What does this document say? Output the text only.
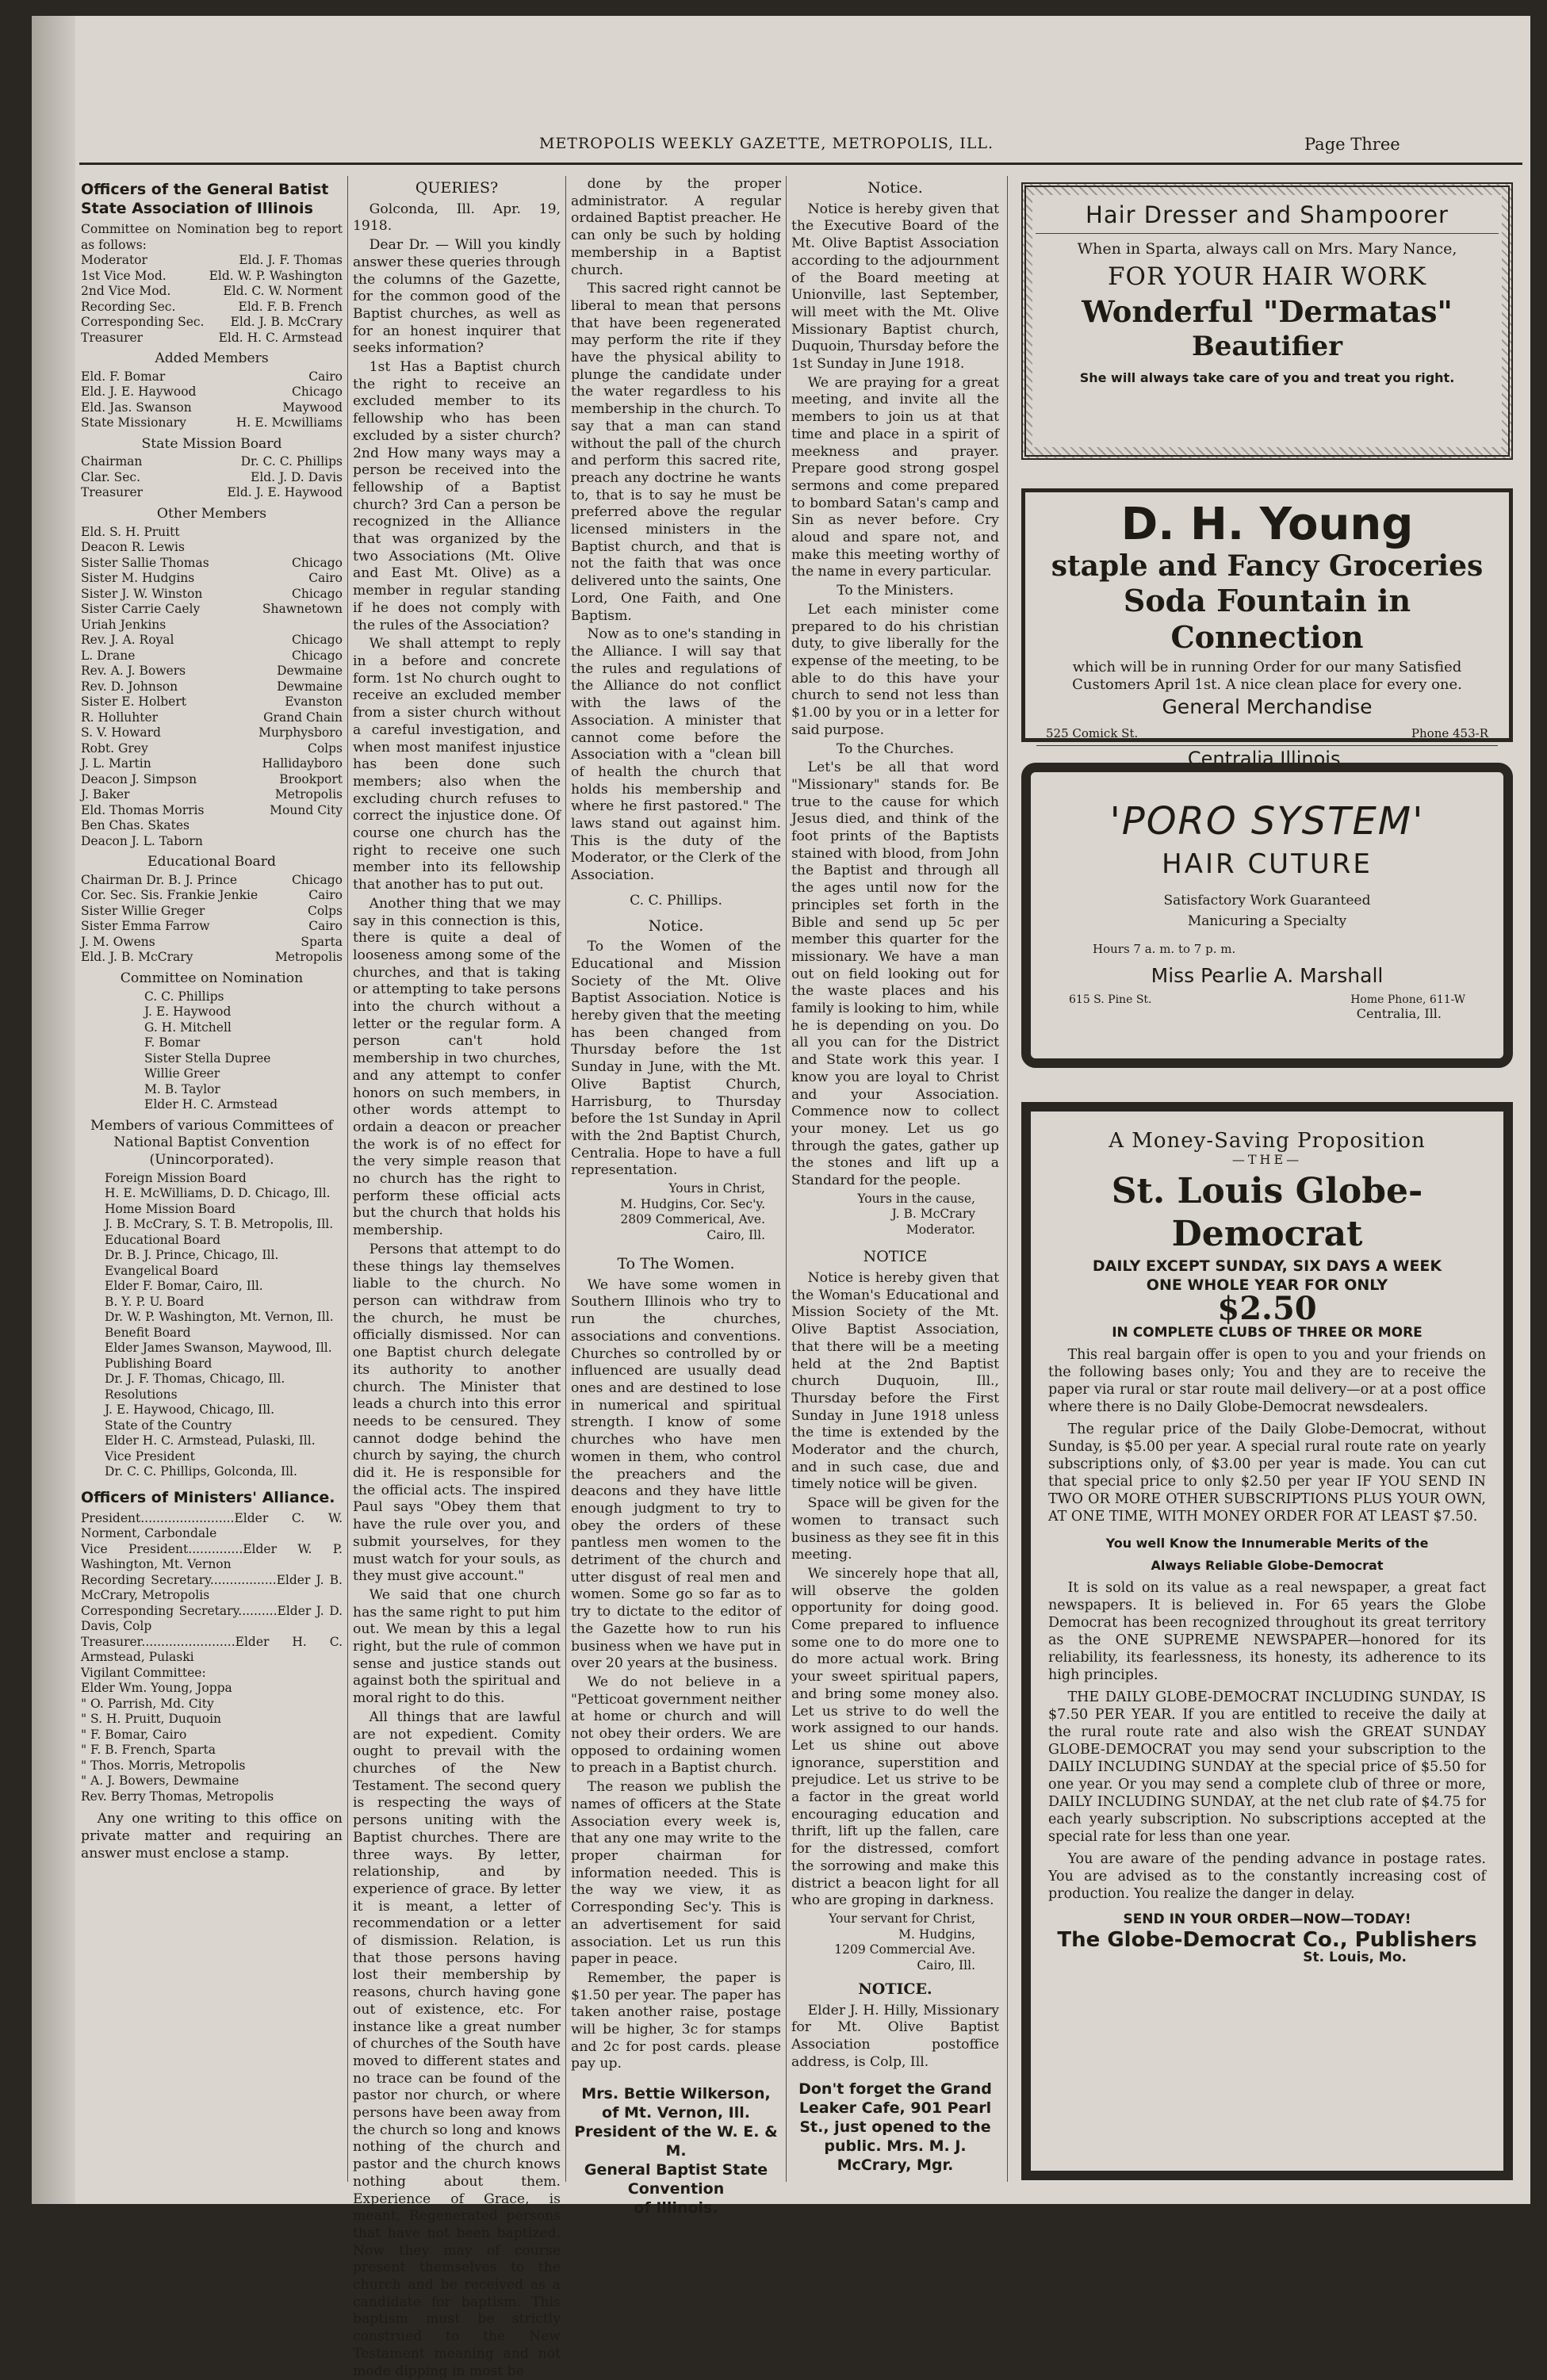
METROPOLIS WEEKLY GAZETTE, METROPOLIS, ILL.	Page Three
Officers of the General Batist State Association of Illinois
Committee on Nomination beg to report as follows:
Moderator	Eld. J. F. Thomas
1st Vice Mod.	Eld. W. P. Washington
2nd Vice Mod.	Eld. C. W. Norment
Recording Sec.	Eld. F. B. French
Corresponding Sec. Eld. J. B. McCrary
Treasurer	Eld. H. C. Armstead
Added Members
Eld. F. Bomar	Cairo
Eld. J. E. Haywood	Chicago
Eld. Jas. Swanson	Maywood
State Missionary	H. E. Mcwilliams
State Mission Board
Chairman	Dr. C. C. Phillips
Clar. Sec.	Eld. J. D. Davis
Treasurer	Eld. J. E. Haywood
Other Members
Eld. S. H. Pruitt
Deacon R. Lewis
Sister Sallie Thomas	Chicago
Sister M. Hudgins	Cairo
Sister J. W. Winston	Chicago
Sister Carrie Caely	Shawnetown
Uriah Jenkins
Rev. J. A. Royal	Chicago
L. Drane	Chicago
Rev. A. J. Bowers	Dewmaine
Rev. D. Johnson	Dewmaine
Sister E. Holbert	Evanston
R. Holluhter	Grand Chain
S. V. Howard	Murphysboro
Robt. Grey	Colps
J. L. Martin	Hallidayboro
Deacon J. Simpson	Brookport
J. Baker	Metropolis
Eld. Thomas Morris	Mound City
Ben Chas. Skates
Deacon J. L. Taborn
Educational Board
Chairman Dr. B. J. Prince	Chicago
Cor. Sec. Sis. Frankie Jenkie	Cairo
Sister Willie Greger	Colps
Sister Emma Farrow	Cairo
J. M. Owens	Sparta
Eld. J. B. McCrary	Metropolis
Committee on Nomination
C. C. Phillips
J. E. Haywood
G. H. Mitchell
F. Bomar
Sister Stella Dupree
Willie Greer
M. B. Taylor
Elder H. C. Armstead
Members of various Committees of National Baptist Convention (Unincorporated).
Foreign Mission Board
H. E. McWilliams, D. D. Chicago, Ill.
Home Mission Board
J. B. McCrary, S. T. B. Metropolis, Ill.
Educational Board
Dr. B. J. Prince, Chicago, Ill.
Evangelical Board
Elder F. Bomar, Cairo, Ill.
B. Y. P. U. Board
Dr. W. P. Washington, Mt. Vernon, Ill.
Benefit Board
Elder James Swanson, Maywood, Ill.
Publishing Board
Dr. J. F. Thomas, Chicago, Ill.
Resolutions
J. E. Haywood, Chicago, Ill.
State of the Country
Elder H. C. Armstead, Pulaski, Ill.
Vice President
Dr. C. C. Phillips, Golconda, Ill.
Officers of Ministers' Alliance.
President........................Elder C. W. Norment, Carbondale
Vice President..............Elder W. P. Washington, Mt. Vernon
Recording Secretary.................Elder J. B. McCrary, Metropolis
Corresponding Secretary..........Elder J. D. Davis, Colp
Treasurer........................Elder H. C. Armstead, Pulaski
Vigilant Committee:
Elder Wm. Young, Joppa
" O. Parrish, Md. City
" S. H. Pruitt, Duquoin
" F. Bomar, Cairo
" F. B. French, Sparta
" Thos. Morris, Metropolis
" A. J. Bowers, Dewmaine
Rev. Berry Thomas, Metropolis

Any one writing to this office on private matter and requiring an answer must enclose a stamp.

QUERIES?

Golconda, Ill. Apr. 19, 1918.

Dear Dr. — Will you kindly answer these queries through the columns of the Gazette, for the common good of the Baptist churches, as well as for an honest inquirer that seeks information?

1st Has a Baptist church the right to receive an excluded member to its fellowship who has been excluded by a sister church? 2nd How many ways may a person be received into the fellowship of a Baptist church? 3rd Can a person be recognized in the Alliance that was organized by the two Associations (Mt. Olive and East Mt. Olive) as a member in regular standing if he does not comply with the rules of the Association?

We shall attempt to reply in a before and concrete form. 1st No church ought to receive an excluded member from a sister church without a careful investigation, and when most manifest injustice has been done such members; also when the excluding church refuses to correct the injustice done. Of course one church has the right to receive one such member into its fellowship that another has to put out.

Another thing that we may say in this connection is this, there is quite a deal of looseness among some of the churches, and that is taking or attempting to take persons into the church without a letter or the regular form. A person can't hold membership in two churches, and any attempt to confer honors on such members, in other words attempt to ordain a deacon or preacher the work is of no effect for the very simple reason that no church has the right to perform these official acts but the church that holds his membership.

Persons that attempt to do these things lay themselves liable to the church. No person can withdraw from the church, he must be officially dismissed. Nor can one Baptist church delegate its authority to another church. The Minister that leads a church into this error needs to be censured. They cannot dodge behind the church by saying, the church did it. He is responsible for the official acts. The inspired Paul says "Obey them that have the rule over you, and submit yourselves, for they must watch for your souls, as they must give account."

We said that one church has the same right to put him out. We mean by this a legal right, but the rule of common sense and justice stands out against both the spiritual and moral right to do this.

All things that are lawful are not expedient. Comity ought to prevail with the churches of the New Testament. The second query is respecting the ways of persons uniting with the Baptist churches. There are three ways. By letter, relationship, and by experience of grace. By letter it is meant, a letter of recommendation or a letter of dismission. Relation, is that those persons having lost their membership by reasons, church having gone out of existence, etc. For instance like a great number of churches of the South have moved to different states and no trace can be found of the pastor nor church, or where persons have been away from the church so long and knows nothing of the church and pastor and the church knows nothing about them. Experience of Grace, is meant, Regenerated persons that have not been baptized. Now they may of course present themselves to the church and be received as a candidate for baptism. This baptism must be strictly construed to the New Testament meaning and not mode dipping in most be

done by the proper administrator. A regular ordained Baptist preacher. He can only be such by holding membership in a Baptist church.

This sacred right cannot be liberal to mean that persons that have been regenerated may perform the rite if they have the physical ability to plunge the candidate under the water regardless to his membership in the church. To say that a man can stand without the pall of the church and perform this sacred rite, preach any doctrine he wants to, that is to say he must be preferred above the regular licensed ministers in the Baptist church, and that is not the faith that was once delivered unto the saints, One Lord, One Faith, and One Baptism.

Now as to one's standing in the Alliance. I will say that the rules and regulations of the Alliance do not conflict with the laws of the Association. A minister that cannot come before the Association with a "clean bill of health the church that holds his membership and where he first pastored." The laws stand out against him. This is the duty of the Moderator, or the Clerk of the Association.

C. C. Phillips.

Notice.

To the Women of the Educational and Mission Society of the Mt. Olive Baptist Association. Notice is hereby given that the meeting has been changed from Thursday before the 1st Sunday in June, with the Mt. Olive Baptist Church, Harrisburg, to Thursday before the 1st Sunday in April with the 2nd Baptist Church, Centralia. Hope to have a full representation.

Yours in Christ,
M. Hudgins, Cor. Sec'y.
2809 Commerical, Ave.
Cairo, Ill.
To The Women.

We have some women in Southern Illinois who try to run the churches, associations and conventions. Churches so controlled by or influenced are usually dead ones and are destined to lose in numerical and spiritual strength. I know of some churches who have men women in them, who control the preachers and the deacons and they have little enough judgment to try to obey the orders of these pantless men women to the detriment of the church and utter disgust of real men and women. Some go so far as to try to dictate to the editor of the Gazette how to run his business when we have put in over 20 years at the business.

We do not believe in a "Petticoat government neither at home or church and will not obey their orders. We are opposed to ordaining women to preach in a Baptist church.

The reason we publish the names of officers at the State Association every week is, that any one may write to the proper chairman for information needed. This is the way we view, it as Corresponding Sec'y. This is an advertisement for said association. Let us run this paper in peace.

Remember, the paper is $1.50 per year. The paper has taken another raise, postage will be higher, 3c for stamps and 2c for post cards. please pay up.

Mrs. Bettie Wilkerson,
of Mt. Vernon, Ill.
President of the W. E. & M.
General Baptist State Convention
of Illinois.
Notice.

Notice is hereby given that the Executive Board of the Mt. Olive Baptist Association according to the adjournment of the Board meeting at Unionville, last September, will meet with the Mt. Olive Missionary Baptist church, Duquoin, Thursday before the 1st Sunday in June 1918.

We are praying for a great meeting, and invite all the members to join us at that time and place in a spirit of meekness and prayer. Prepare good strong gospel sermons and come prepared to bombard Satan's camp and Sin as never before. Cry aloud and spare not, and make this meeting worthy of the name in every particular.

To the Ministers.

Let each minister come prepared to do his christian duty, to give liberally for the expense of the meeting, to be able to do this have your church to send not less than $1.00 by you or in a letter for said purpose.

To the Churches.

Let's be all that word "Missionary" stands for. Be true to the cause for which Jesus died, and think of the foot prints of the Baptists stained with blood, from John the Baptist and through all the ages until now for the principles set forth in the Bible and send up 5c per member this quarter for the missionary. We have a man out on field looking out for the waste places and his family is looking to him, while he is depending on you. Do all you can for the District and State work this year. I know you are loyal to Christ and your Association. Commence now to collect your money. Let us go through the gates, gather up the stones and lift up a Standard for the people.

Yours in the cause,
J. B. McCrary
Moderator.
NOTICE

Notice is hereby given that the Woman's Educational and Mission Society of the Mt. Olive Baptist Association, that there will be a meeting held at the 2nd Baptist church Duquoin, Ill., Thursday before the First Sunday in June 1918 unless the time is extended by the Moderator and the church, and in such case, due and timely notice will be given.

Space will be given for the women to transact such business as they see fit in this meeting.

We sincerely hope that all, will observe the golden opportunity for doing good. Come prepared to influence some one to do more one to do more actual work. Bring your sweet spiritual papers, and bring some money also. Let us strive to do well the work assigned to our hands. Let us shine out above ignorance, superstition and prejudice. Let us strive to be a factor in the great world encouraging education and thrift, lift up the fallen, care for the distressed, comfort the sorrowing and make this district a beacon light for all who are groping in darkness.

Your servant for Christ,
M. Hudgins,
1209 Commercial Ave.
Cairo, Ill.
NOTICE.

Elder J. H. Hilly, Missionary for Mt. Olive Baptist Association postoffice address, is Colp, Ill.

Don't forget the Grand Leaker Cafe, 901 Pearl St., just opened to the public. Mrs. M. J. McCrary, Mgr.

Hair Dresser and Shampoorer
When in Sparta, always call on Mrs. Mary Nance,
FOR YOUR HAIR WORK
Wonderful "Dermatas"
Beautifier
She will always take care of you and treat you right.
D. H. Young
staple and Fancy Groceries
Soda Fountain in Connection
which will be in running Order for our many Satisfied Customers April 1st. A nice clean place for every one.
General Merchandise
525 Comick St.	Phone 453-R
Centralia Illinois.
'PORO SYSTEM'
HAIR CUTURE
Satisfactory Work Guaranteed
Manicuring a Specialty
Hours 7 a. m. to 7 p. m.
Miss Pearlie A. Marshall
615 S. Pine St.	Home Phone, 611-W
Centralia, Ill.
A Money-Saving Proposition
—THE—
St. Louis Globe-Democrat
DAILY EXCEPT SUNDAY, SIX DAYS A WEEK
ONE WHOLE YEAR FOR ONLY
$2.50
IN COMPLETE CLUBS OF THREE OR MORE
This real bargain offer is open to you and your friends on the following bases only; You and they are to receive the paper via rural or star route mail delivery—or at a post office where there is no Daily Globe-Democrat newsdealers.
The regular price of the Daily Globe-Democrat, without Sunday, is $5.00 per year. A special rural route rate on yearly subscriptions only, of $3.00 per year is made. You can cut that special price to only $2.50 per year IF YOU SEND IN TWO OR MORE OTHER SUBSCRIPTIONS PLUS YOUR OWN, AT ONE TIME, WITH MONEY ORDER FOR AT LEAST $7.50.
You well Know the Innumerable Merits of the
Always Reliable Globe-Democrat
It is sold on its value as a real newspaper, a great fact newspapers. It is believed in. For 65 years the Globe Democrat has been recognized throughout its great territory as the ONE SUPREME NEWSPAPER—honored for its reliability, its fearlessness, its honesty, its adherence to its high principles.
THE DAILY GLOBE-DEMOCRAT INCLUDING SUNDAY, IS $7.50 PER YEAR. If you are entitled to receive the daily at the rural route rate and also wish the GREAT SUNDAY GLOBE-DEMOCRAT you may send your subscription to the DAILY INCLUDING SUNDAY at the special price of $5.50 for one year. Or you may send a complete club of three or more, DAILY INCLUDING SUNDAY, at the net club rate of $4.75 for each yearly subscription. No subscriptions accepted at the special rate for less than one year.
You are aware of the pending advance in postage rates. You are advised as to the constantly increasing cost of production. You realize the danger in delay.
SEND IN YOUR ORDER—NOW—TODAY!
The Globe-Democrat Co., Publishers
St. Louis, Mo.
